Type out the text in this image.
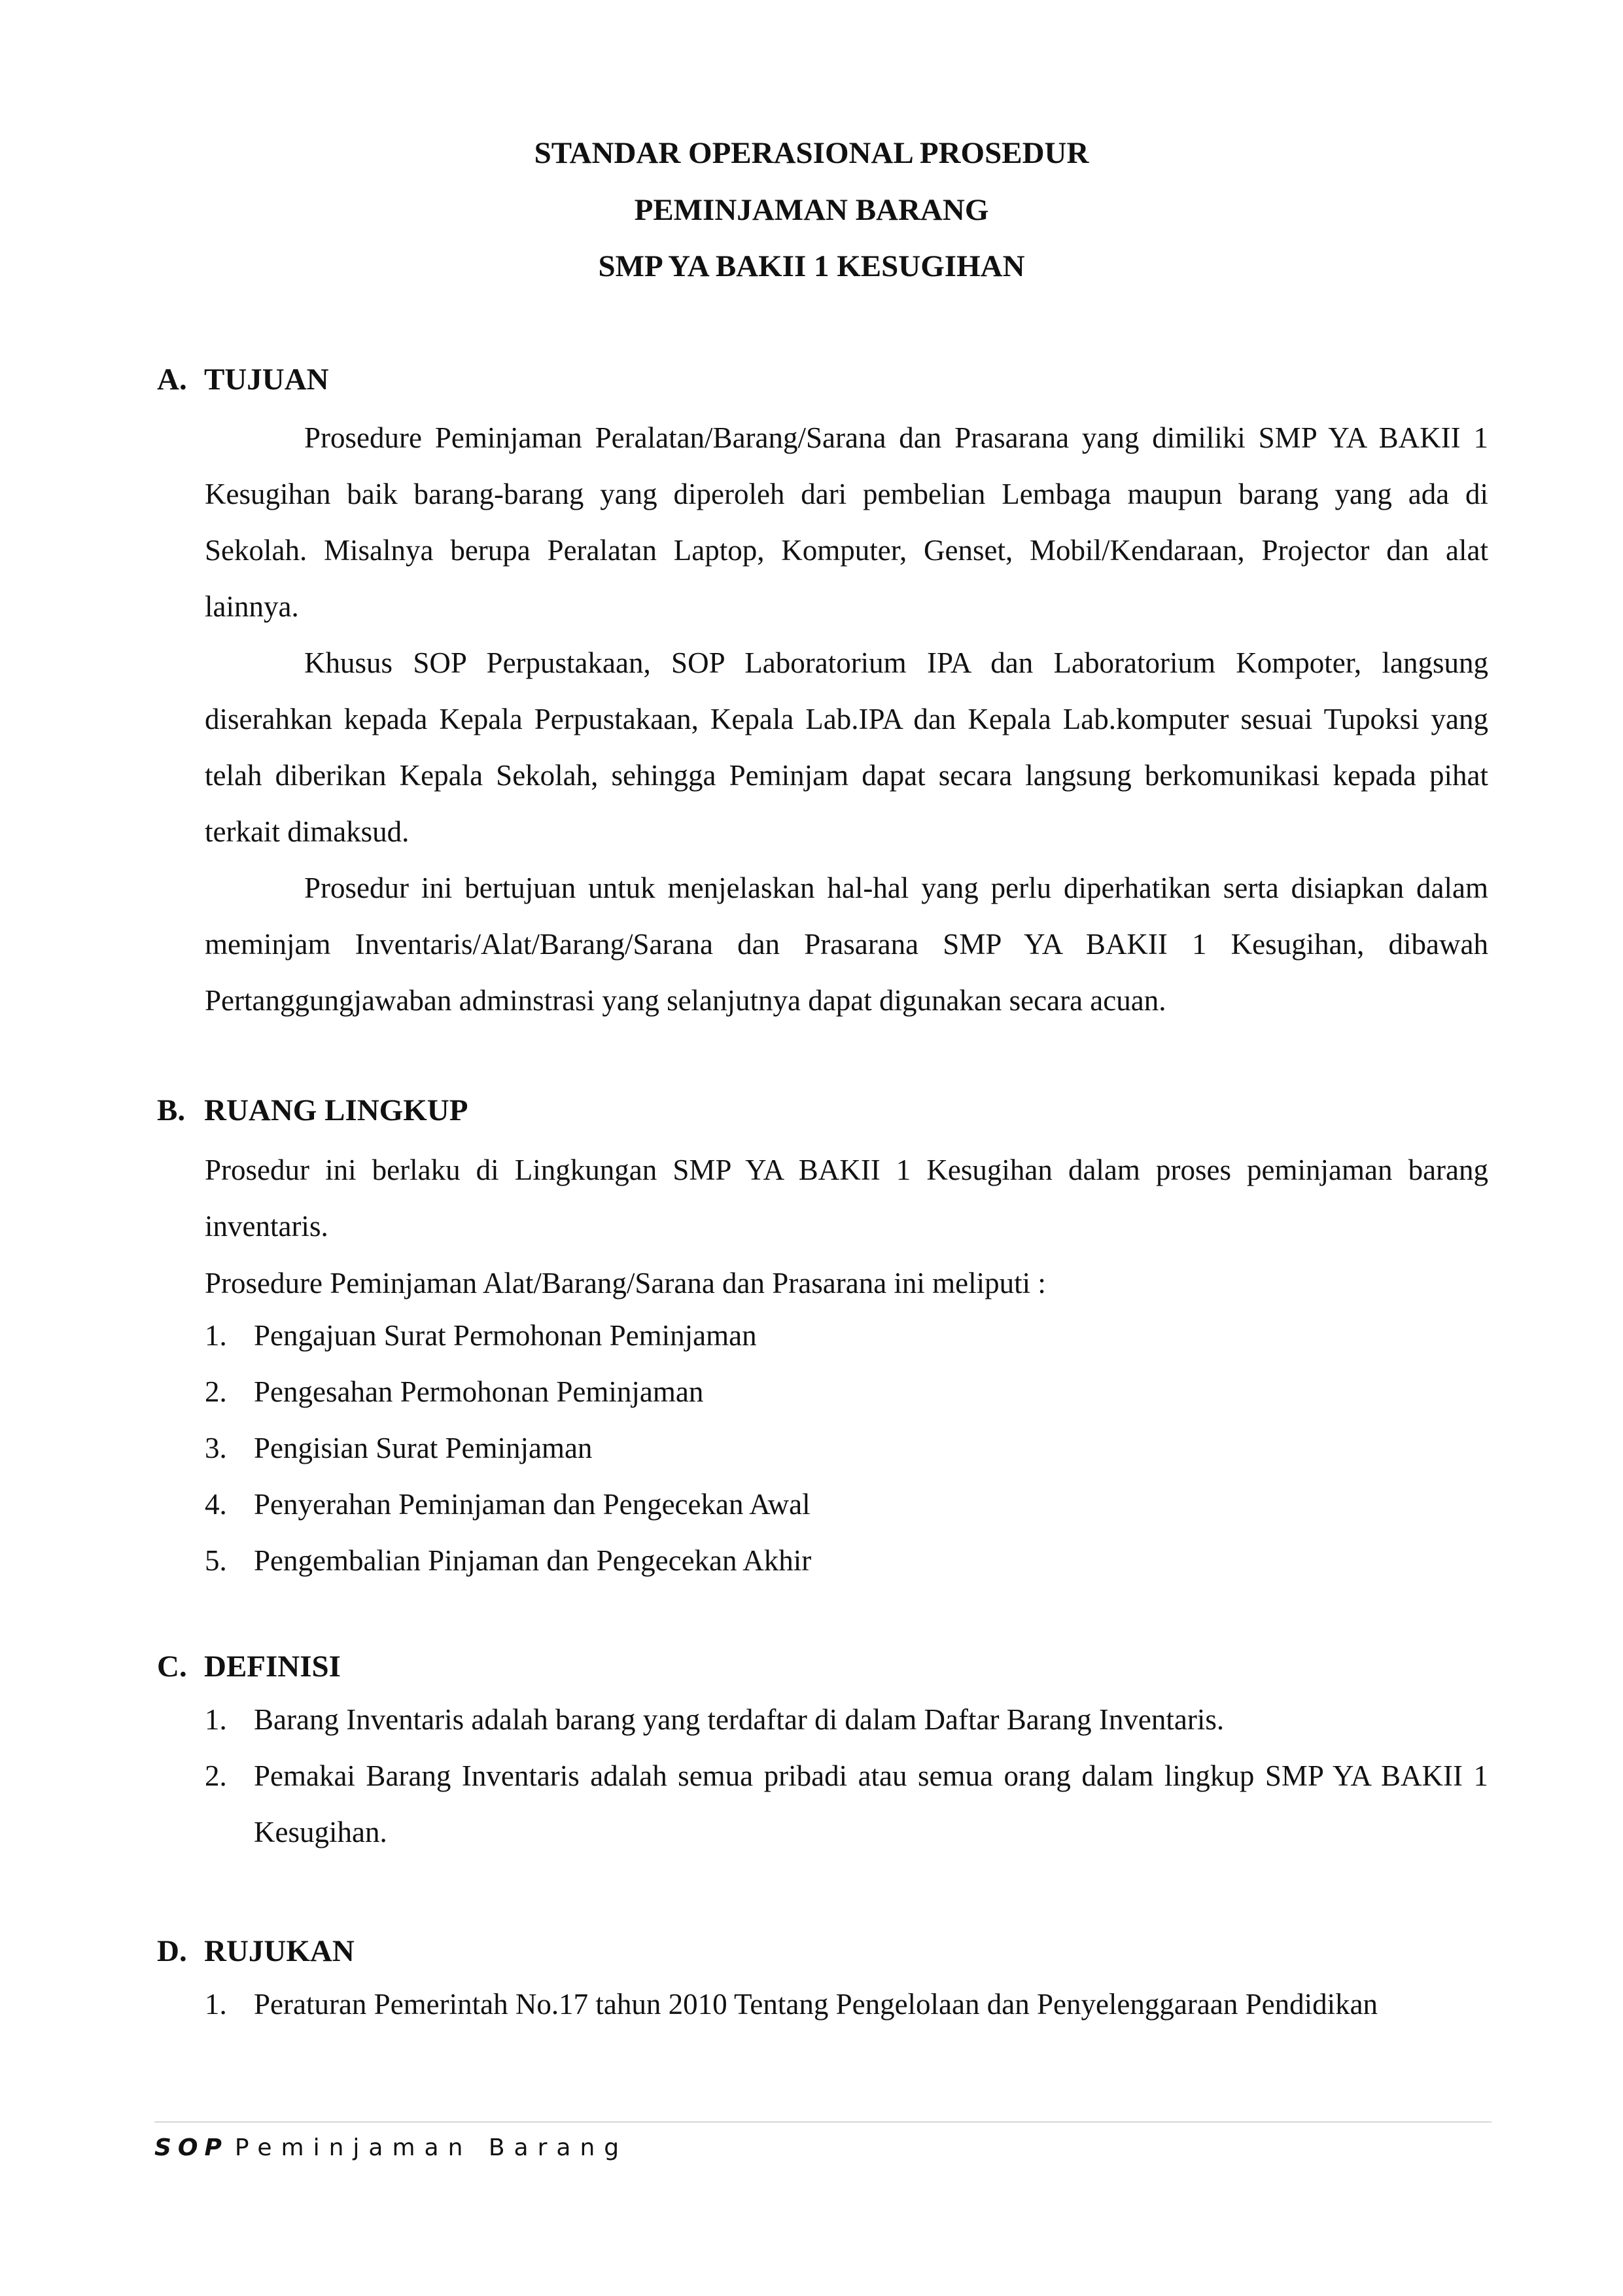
STANDAR OPERASIONAL PROSEDUR
PEMINJAMAN BARANG
SMP YA BAKII 1 KESUGIHAN
A. TUJUAN
Prosedure Peminjaman Peralatan/Barang/Sarana dan Prasarana yang dimiliki SMP YA BAKII 1 Kesugihan baik barang-barang yang diperoleh dari pembelian Lembaga maupun barang yang ada di Sekolah. Misalnya berupa Peralatan Laptop, Komputer, Genset, Mobil/Kendaraan, Projector dan alat lainnya.
Khusus SOP Perpustakaan, SOP Laboratorium IPA dan Laboratorium Kompoter, langsung diserahkan kepada Kepala Perpustakaan, Kepala Lab.IPA dan Kepala Lab.komputer sesuai Tupoksi yang telah diberikan Kepala Sekolah, sehingga Peminjam dapat secara langsung berkomunikasi kepada pihat terkait dimaksud.
Prosedur ini bertujuan untuk menjelaskan hal-hal yang perlu diperhatikan serta disiapkan dalam meminjam Inventaris/Alat/Barang/Sarana dan Prasarana SMP YA BAKII 1 Kesugihan, dibawah Pertanggungjawaban adminstrasi yang selanjutnya dapat digunakan secara acuan.
B. RUANG LINGKUP
Prosedur ini berlaku di Lingkungan SMP YA BAKII 1 Kesugihan dalam proses peminjaman barang inventaris.
Prosedure Peminjaman Alat/Barang/Sarana dan Prasarana ini meliputi :
1. Pengajuan Surat Permohonan Peminjaman
2. Pengesahan Permohonan Peminjaman
3. Pengisian Surat Peminjaman
4. Penyerahan Peminjaman dan Pengecekan Awal
5. Pengembalian Pinjaman dan Pengecekan Akhir
C. DEFINISI
1. Barang Inventaris adalah barang yang terdaftar di dalam Daftar Barang Inventaris.
2. Pemakai Barang Inventaris adalah semua pribadi atau semua orang dalam lingkup SMP YA BAKII 1 Kesugihan.
D. RUJUKAN
1. Peraturan Pemerintah No.17 tahun 2010 Tentang Pengelolaan dan Penyelenggaraan Pendidikan
SOP Peminjaman Barang
